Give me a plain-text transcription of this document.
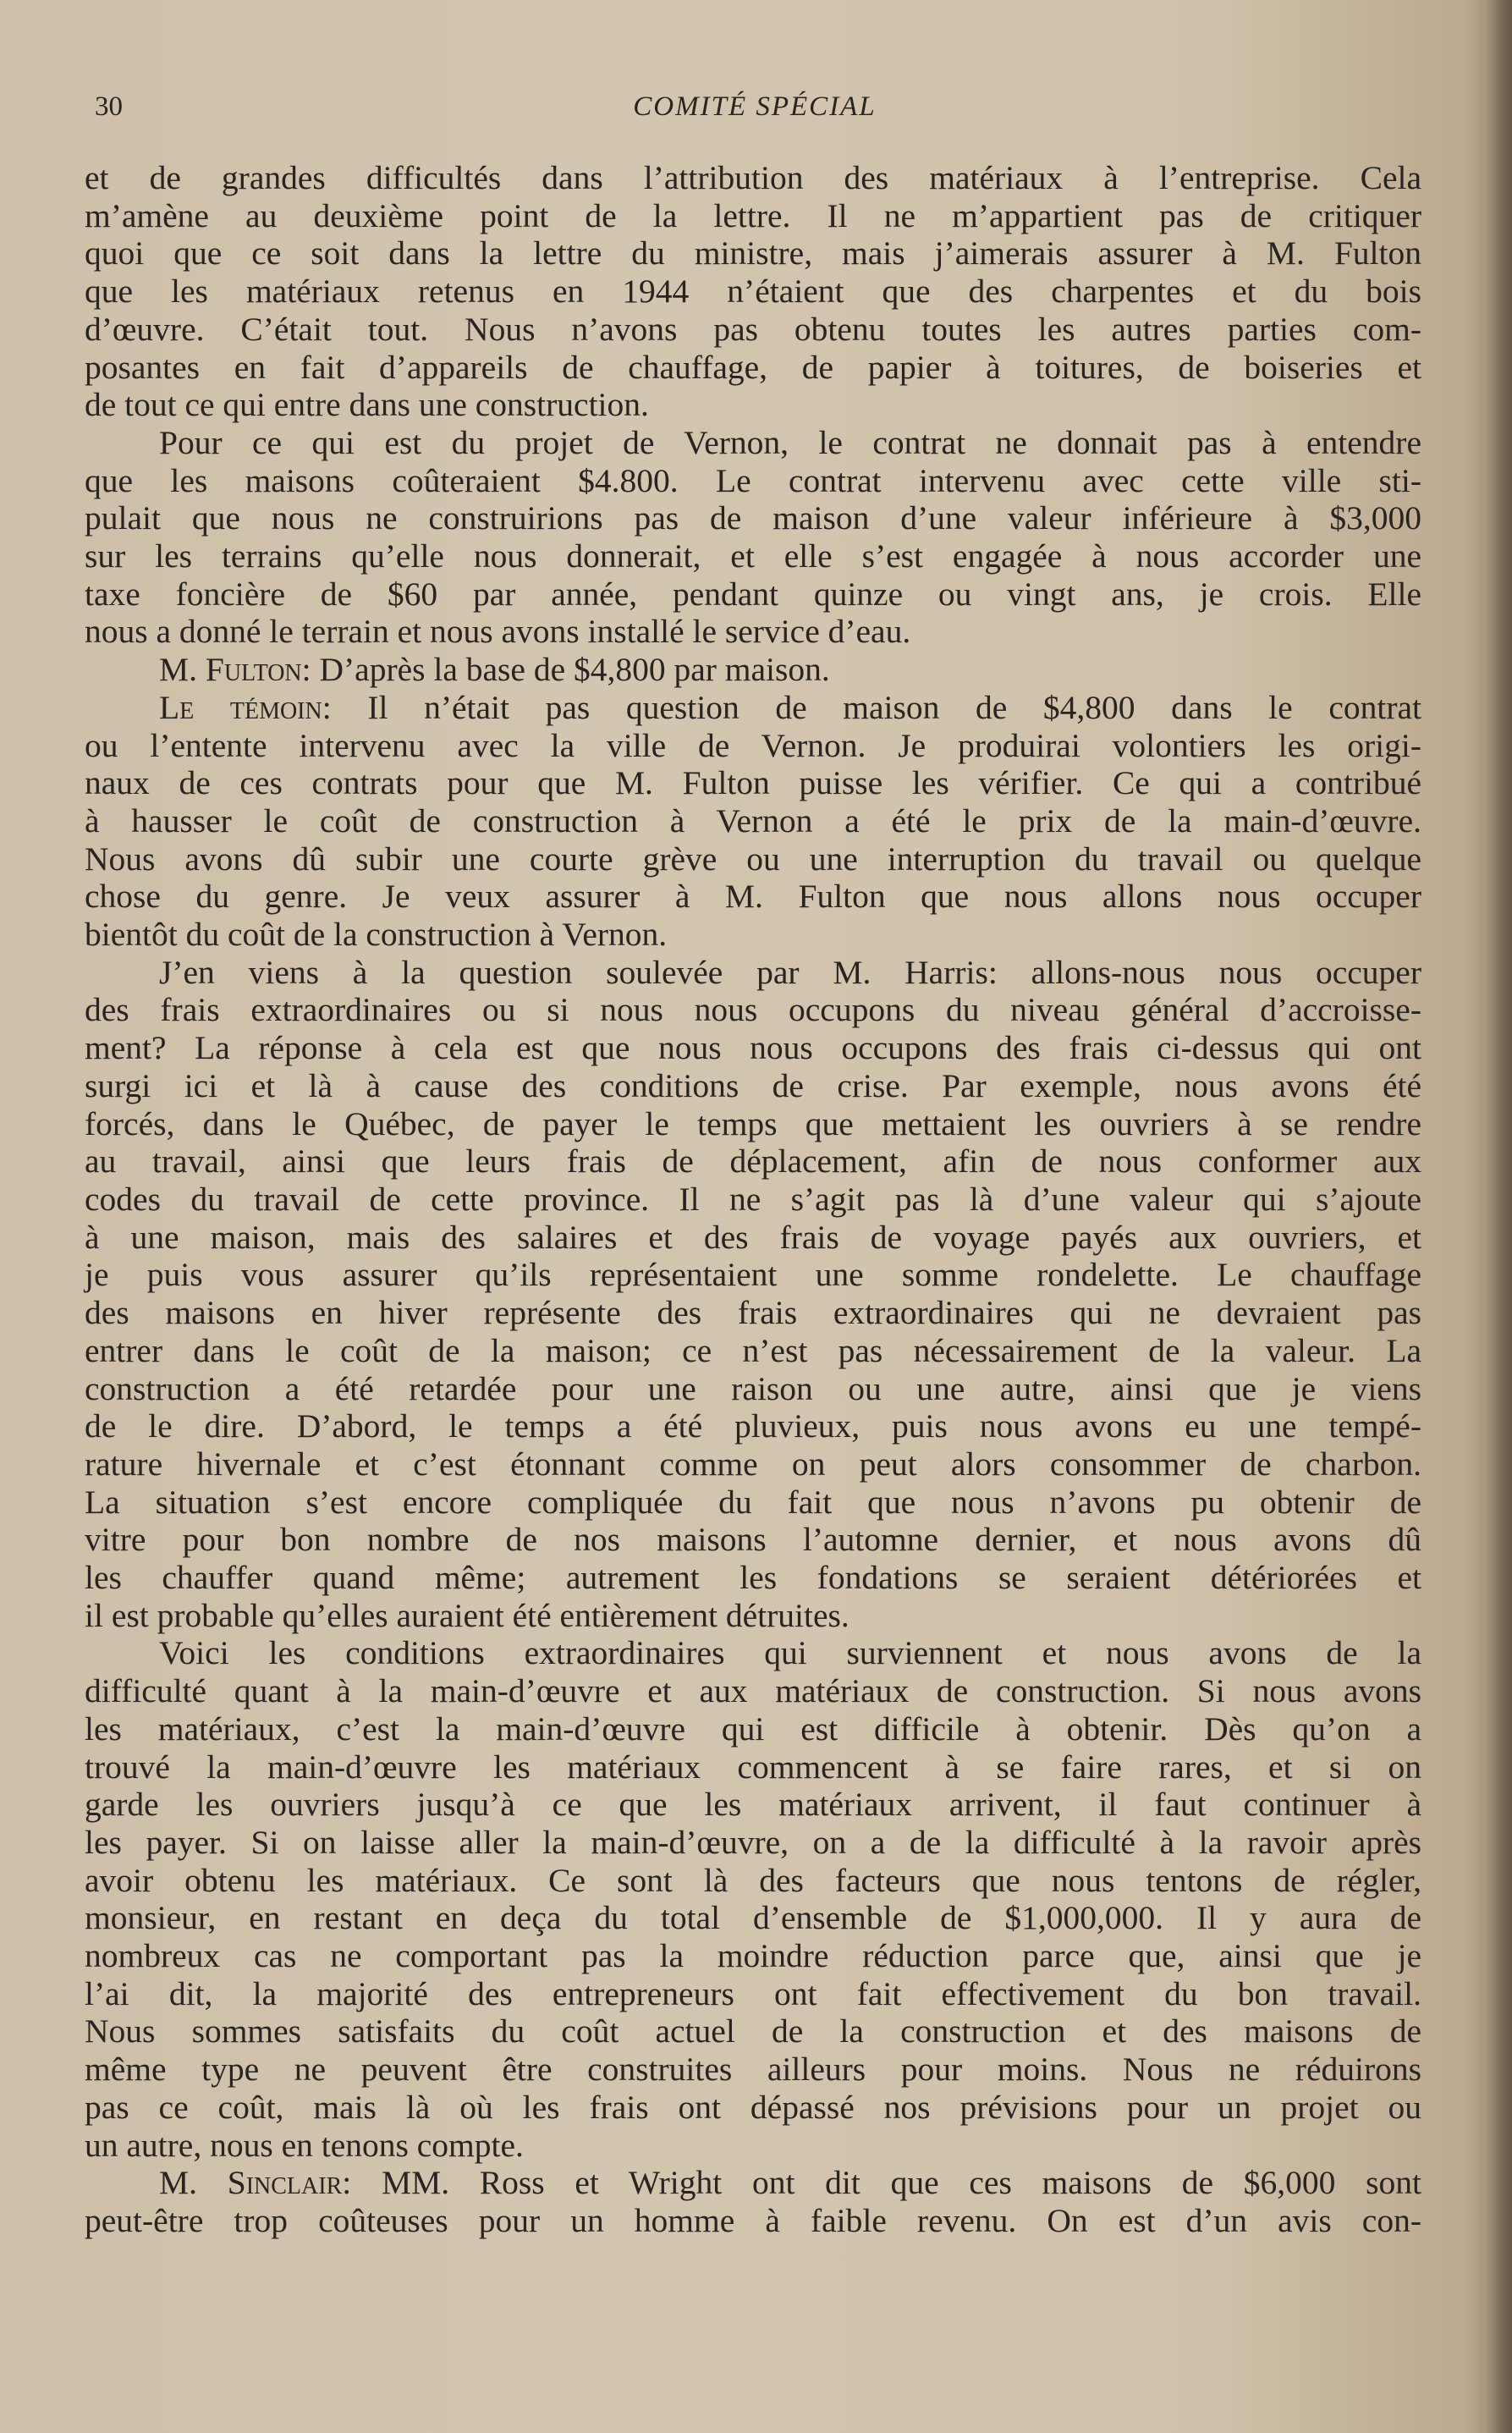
30	COMITÉ SPÉCIAL
et de grandes difficultés dans l’attribution des matériaux à l’entreprise. Cela
m’amène au deuxième point de la lettre. Il ne m’appartient pas de critiquer
quoi que ce soit dans la lettre du ministre, mais j’aimerais assurer à M. Fulton
que les matériaux retenus en 1944 n’étaient que des charpentes et du bois
d’œuvre. C’était tout. Nous n’avons pas obtenu toutes les autres parties com-
posantes en fait d’appareils de chauffage, de papier à toitures, de boiseries et
de tout ce qui entre dans une construction.
Pour ce qui est du projet de Vernon, le contrat ne donnait pas à entendre
que les maisons coûteraient $4.800. Le contrat intervenu avec cette ville sti-
pulait que nous ne construirions pas de maison d’une valeur inférieure à $3,000
sur les terrains qu’elle nous donnerait, et elle s’est engagée à nous accorder une
taxe foncière de $60 par année, pendant quinze ou vingt ans, je crois. Elle
nous a donné le terrain et nous avons installé le service d’eau.
M. Fulton: D’après la base de $4,800 par maison.
Le témoin: Il n’était pas question de maison de $4,800 dans le contrat
ou l’entente intervenu avec la ville de Vernon. Je produirai volontiers les origi-
naux de ces contrats pour que M. Fulton puisse les vérifier. Ce qui a contribué
à hausser le coût de construction à Vernon a été le prix de la main-d’œuvre.
Nous avons dû subir une courte grève ou une interruption du travail ou quelque
chose du genre. Je veux assurer à M. Fulton que nous allons nous occuper
bientôt du coût de la construction à Vernon.
J’en viens à la question soulevée par M. Harris: allons-nous nous occuper
des frais extraordinaires ou si nous nous occupons du niveau général d’accroisse-
ment? La réponse à cela est que nous nous occupons des frais ci-dessus qui ont
surgi ici et là à cause des conditions de crise. Par exemple, nous avons été
forcés, dans le Québec, de payer le temps que mettaient les ouvriers à se rendre
au travail, ainsi que leurs frais de déplacement, afin de nous conformer aux
codes du travail de cette province. Il ne s’agit pas là d’une valeur qui s’ajoute
à une maison, mais des salaires et des frais de voyage payés aux ouvriers, et
je puis vous assurer qu’ils représentaient une somme rondelette. Le chauffage
des maisons en hiver représente des frais extraordinaires qui ne devraient pas
entrer dans le coût de la maison; ce n’est pas nécessairement de la valeur. La
construction a été retardée pour une raison ou une autre, ainsi que je viens
de le dire. D’abord, le temps a été pluvieux, puis nous avons eu une tempé-
rature hivernale et c’est étonnant comme on peut alors consommer de charbon.
La situation s’est encore compliquée du fait que nous n’avons pu obtenir de
vitre pour bon nombre de nos maisons l’automne dernier, et nous avons dû
les chauffer quand même; autrement les fondations se seraient détériorées et
il est probable qu’elles auraient été entièrement détruites.
Voici les conditions extraordinaires qui surviennent et nous avons de la
difficulté quant à la main-d’œuvre et aux matériaux de construction. Si nous avons
les matériaux, c’est la main-d’œuvre qui est difficile à obtenir. Dès qu’on a
trouvé la main-d’œuvre les matériaux commencent à se faire rares, et si on
garde les ouvriers jusqu’à ce que les matériaux arrivent, il faut continuer à
les payer. Si on laisse aller la main-d’œuvre, on a de la difficulté à la ravoir après
avoir obtenu les matériaux. Ce sont là des facteurs que nous tentons de régler,
monsieur, en restant en deça du total d’ensemble de $1,000,000. Il y aura de
nombreux cas ne comportant pas la moindre réduction parce que, ainsi que je
l’ai dit, la majorité des entrepreneurs ont fait effectivement du bon travail.
Nous sommes satisfaits du coût actuel de la construction et des maisons de
même type ne peuvent être construites ailleurs pour moins. Nous ne réduirons
pas ce coût, mais là où les frais ont dépassé nos prévisions pour un projet ou
un autre, nous en tenons compte.
M. Sinclair: MM. Ross et Wright ont dit que ces maisons de $6,000 sont
peut-être trop coûteuses pour un homme à faible revenu. On est d’un avis con-
